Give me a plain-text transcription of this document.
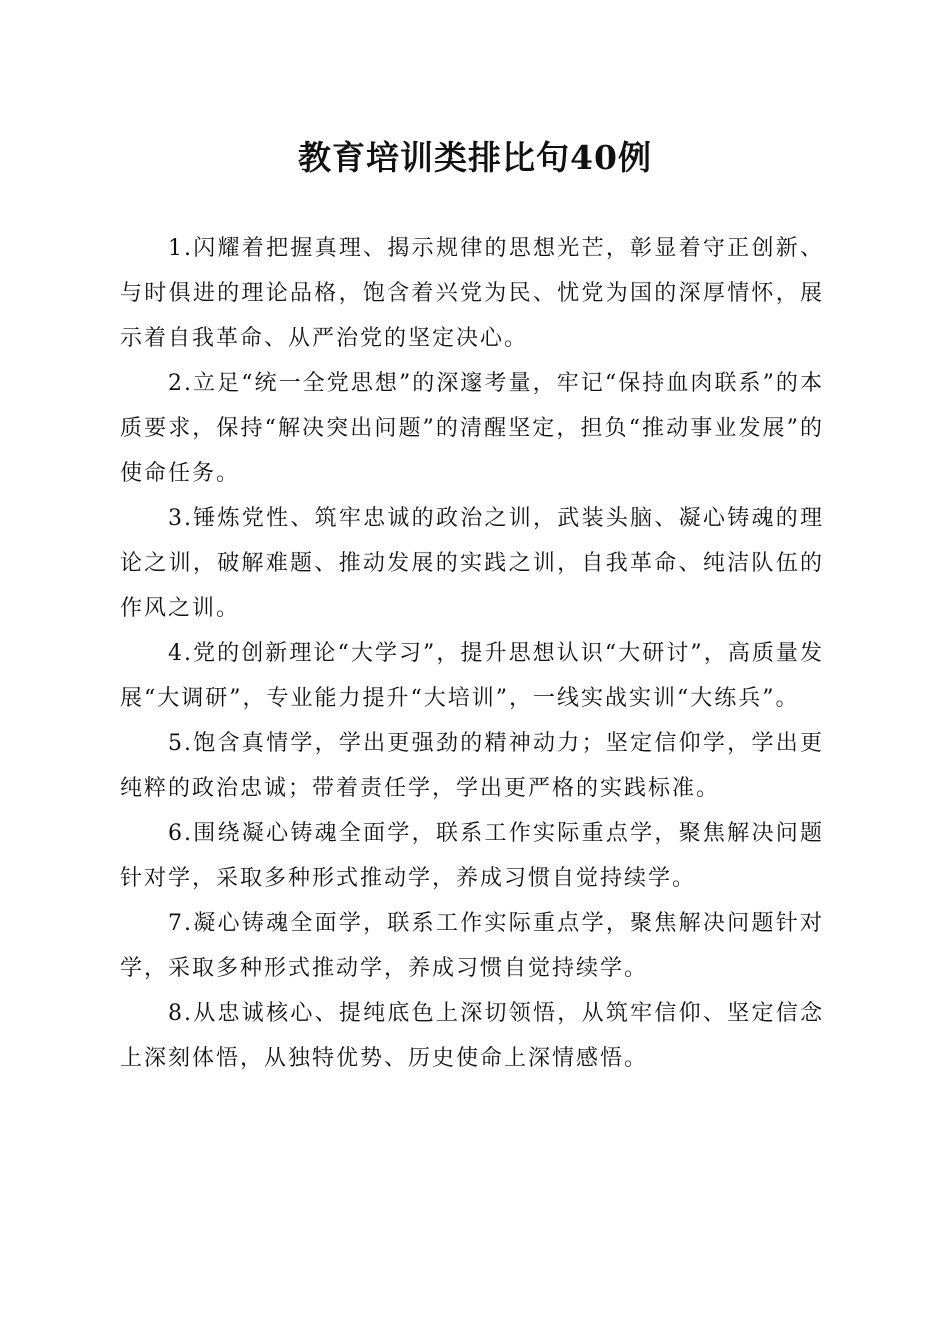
教育培训类排比句40例

1.闪耀着把握真理、揭示规律的思想光芒，彰显着守正创新、与时俱进的理论品格，饱含着兴党为民、忧党为国的深厚情怀，展示着自我革命、从严治党的坚定决心。

2.立足“统一全党思想”的深邃考量，牢记“保持血肉联系”的本质要求，保持“解决突出问题”的清醒坚定，担负“推动事业发展”的使命任务。

3.锤炼党性、筑牢忠诚的政治之训，武装头脑、凝心铸魂的理论之训，破解难题、推动发展的实践之训，自我革命、纯洁队伍的作风之训。

4.党的创新理论“大学习”，提升思想认识“大研讨”，高质量发展“大调研”，专业能力提升“大培训”，一线实战实训“大练兵”。

5.饱含真情学，学出更强劲的精神动力；坚定信仰学，学出更纯粹的政治忠诚；带着责任学，学出更严格的实践标准。

6.围绕凝心铸魂全面学，联系工作实际重点学，聚焦解决问题针对学，采取多种形式推动学，养成习惯自觉持续学。

7.凝心铸魂全面学，联系工作实际重点学，聚焦解决问题针对学，采取多种形式推动学，养成习惯自觉持续学。

8.从忠诚核心、提纯底色上深切领悟，从筑牢信仰、坚定信念上深刻体悟，从独特优势、历史使命上深情感悟。
